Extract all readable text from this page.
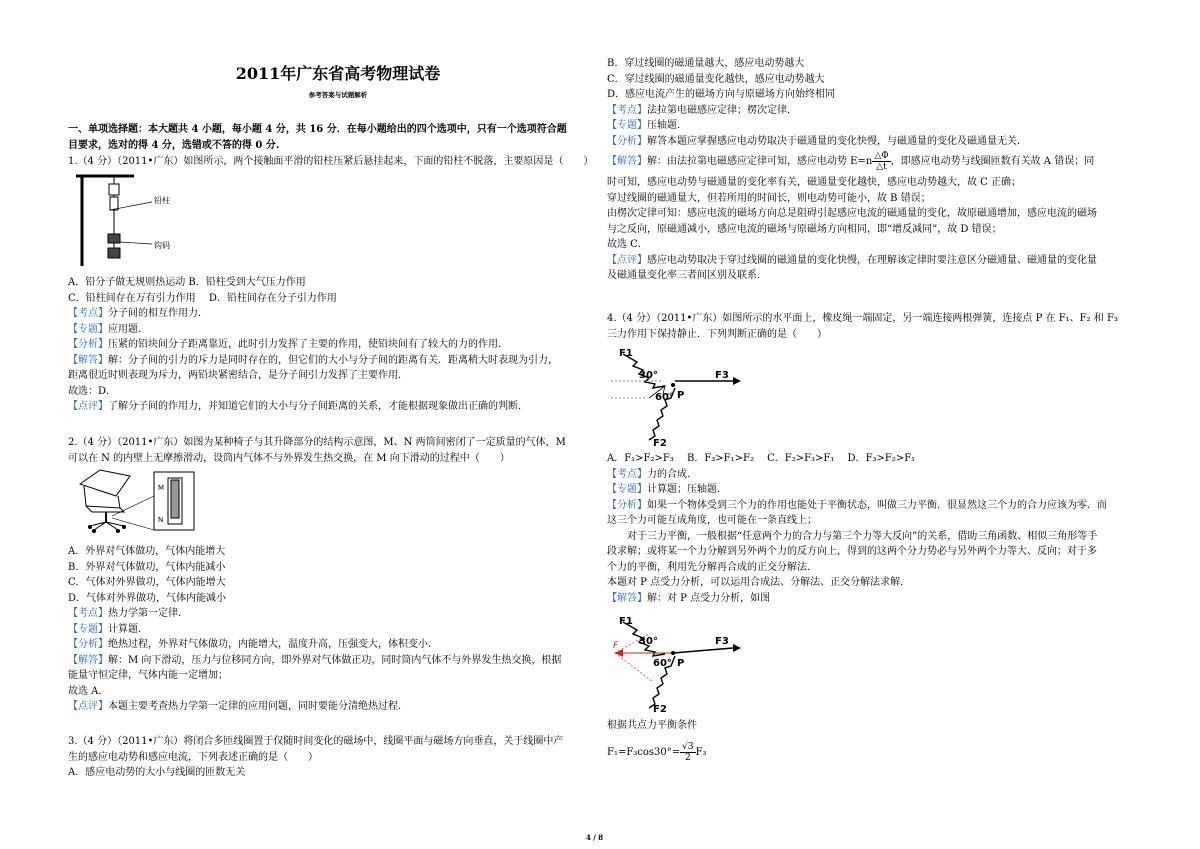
2011年广东省高考物理试卷
参考答案与试题解析
一、单项选择题：本大题共 4 小题，每小题 4 分，共 16 分．在每小题给出的四个选项中，只有一个选项符合题
目要求，选对的得 4 分，选错或不答的得 0 分.
1.（4 分）（2011•广东）如图所示，两个接触面平滑的铅柱压紧后悬挂起来，下面的铅柱不脱落，主要原因是（　　）
铅柱
钩码
A．铅分子做无规则热运动 B．铅柱受到大气压力作用
C．铅柱间存在万有引力作用　 D．铅柱间存在分子引力作用
【考点】分子间的相互作用力．
【专题】应用题．
【分析】压紧的铅块间分子距离靠近，此时引力发挥了主要的作用，使铅块间有了较大的力的作用．
【解答】解：分子间的引力的斥力是同时存在的，但它们的大小与分子间的距离有关．距离稍大时表现为引力，
距离很近时则表现为斥力，两铅块紧密结合，是分子间引力发挥了主要作用．
故选：D．
【点评】了解分子间的作用力，并知道它们的大小与分子间距离的关系，才能根据现象做出正确的判断．
2.（4 分）（2011•广东）如图为某种椅子与其升降部分的结构示意图，M、N 两筒间密闭了一定质量的气体，M
可以在 N 的内壁上无摩擦滑动，设筒内气体不与外界发生热交换，在 M 向下滑动的过程中（　　）
M
N
A．外界对气体做功，气体内能增大
B．外界对气体做功，气体内能减小
C．气体对外界做功，气体内能增大
D．气体对外界做功，气体内能减小
【考点】热力学第一定律．
【专题】计算题．
【分析】绝热过程，外界对气体做功，内能增大，温度升高，压强变大，体积变小．
【解答】解：M 向下滑动，压力与位移同方向，即外界对气体做正功，同时筒内气体不与外界发生热交换，根据
能量守恒定律，气体内能一定增加；
故选 A．
【点评】本题主要考查热力学第一定律的应用问题，同时要能分清绝热过程．
3.（4 分）（2011•广东）将闭合多匝线圈置于仅随时间变化的磁场中，线圈平面与磁场方向垂直，关于线圈中产
生的感应电动势和感应电流，下列表述正确的是（　　）
A．感应电动势的大小与线圈的匝数无关
B．穿过线圈的磁通量越大，感应电动势越大
C．穿过线圈的磁通量变化越快，感应电动势越大
D．感应电流产生的磁场方向与原磁场方向始终相同
【考点】法拉第电磁感应定律；楞次定律．
【专题】压轴题．
【分析】解答本题应掌握感应电动势取决于磁通量的变化快慢，与磁通量的变化及磁通量无关．
【解答】解：由法拉第电磁感应定律可知，感应电动势 $E=n \frac{\triangle\Phi}{\triangle t}$ ，即感应电动势与线圈匝数有关故 A 错误；同
时可知，感应电动势与磁通量的变化率有关，磁通量变化越快，感应电动势越大，故 C 正确；
穿过线圈的磁通量大，但若所用的时间长，则电动势可能小，故 B 错误；
由楞次定律可知：感应电流的磁场方向总是阻碍引起感应电流的磁通量的变化，故原磁通增加，感应电流的磁场
与之反向，原磁通减小，感应电流的磁场与原磁场方向相同，即“增反减同”，故 D 错误；
故选 C．
【点评】感应电动势取决于穿过线圈的磁通量的变化快慢，在理解该定律时要注意区分磁通量、磁通量的变化量
及磁通量变化率三者间区别及联系．
4.（4 分）（2011•广东）如图所示的水平面上，橡皮绳一端固定，另一端连接两根弹簧，连接点 P 在 F₁、F₂ 和 F₃
三力作用下保持静止．下列判断正确的是（　　）
F1
30°	F3
60° P
F2
A．F₁>F₂>F₃　 B．F₃>F₁>F₂　 C．F₂>F₃>F₁　 D．F₃>F₂>F₁
【考点】力的合成．
【专题】计算题；压轴题．
【分析】如果一个物体受到三个力的作用也能处于平衡状态，叫做三力平衡．很显然这三个力的合力应该为零．而
这三个力可能互成角度，也可能在一条直线上；
　　对于三力平衡，一般根据“任意两个力的合力与第三个力等大反向”的关系，借助三角函数、相似三角形等手
段求解；或将某一个力分解到另外两个力的反方向上，得到的这两个分力势必与另外两个力等大、反向；对于多
个力的平衡，利用先分解再合成的正交分解法．
本题对 P 点受力分析，可以运用合成法、分解法、正交分解法求解．
【解答】解：对 P 点受力分析，如图
F1
30°	F3
F
60° P
F2
根据共点力平衡条件
$F_1=F_3\cos 30^\circ= \frac{√3}{2} F_3$
4 / 8
